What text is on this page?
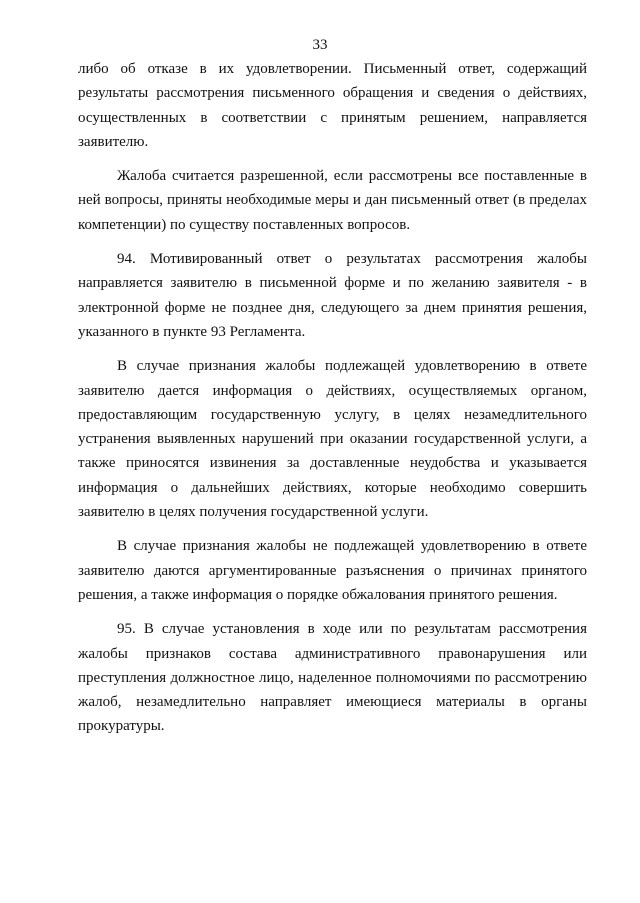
33

либо об отказе в их удовлетворении. Письменный ответ, содержащий результаты рассмотрения письменного обращения и сведения о действиях, осуществленных в соответствии с принятым решением, направляется заявителю.

Жалоба считается разрешенной, если рассмотрены все поставленные в ней вопросы, приняты необходимые меры и дан письменный ответ (в пределах компетенции) по существу поставленных вопросов.

94. Мотивированный ответ о результатах рассмотрения жалобы направляется заявителю в письменной форме и по желанию заявителя - в электронной форме не позднее дня, следующего за днем принятия решения, указанного в пункте 93 Регламента.

В случае признания жалобы подлежащей удовлетворению в ответе заявителю дается информация о действиях, осуществляемых органом, предоставляющим государственную услугу, в целях незамедлительного устранения выявленных нарушений при оказании государственной услуги, а также приносятся извинения за доставленные неудобства и указывается информация о дальнейших действиях, которые необходимо совершить заявителю в целях получения государственной услуги.

В случае признания жалобы не подлежащей удовлетворению в ответе заявителю даются аргументированные разъяснения о причинах принятого решения, а также информация о порядке обжалования принятого решения.

95. В случае установления в ходе или по результатам рассмотрения жалобы признаков состава административного правонарушения или преступления должностное лицо, наделенное полномочиями по рассмотрению жалоб, незамедлительно направляет имеющиеся материалы в органы прокуратуры.
